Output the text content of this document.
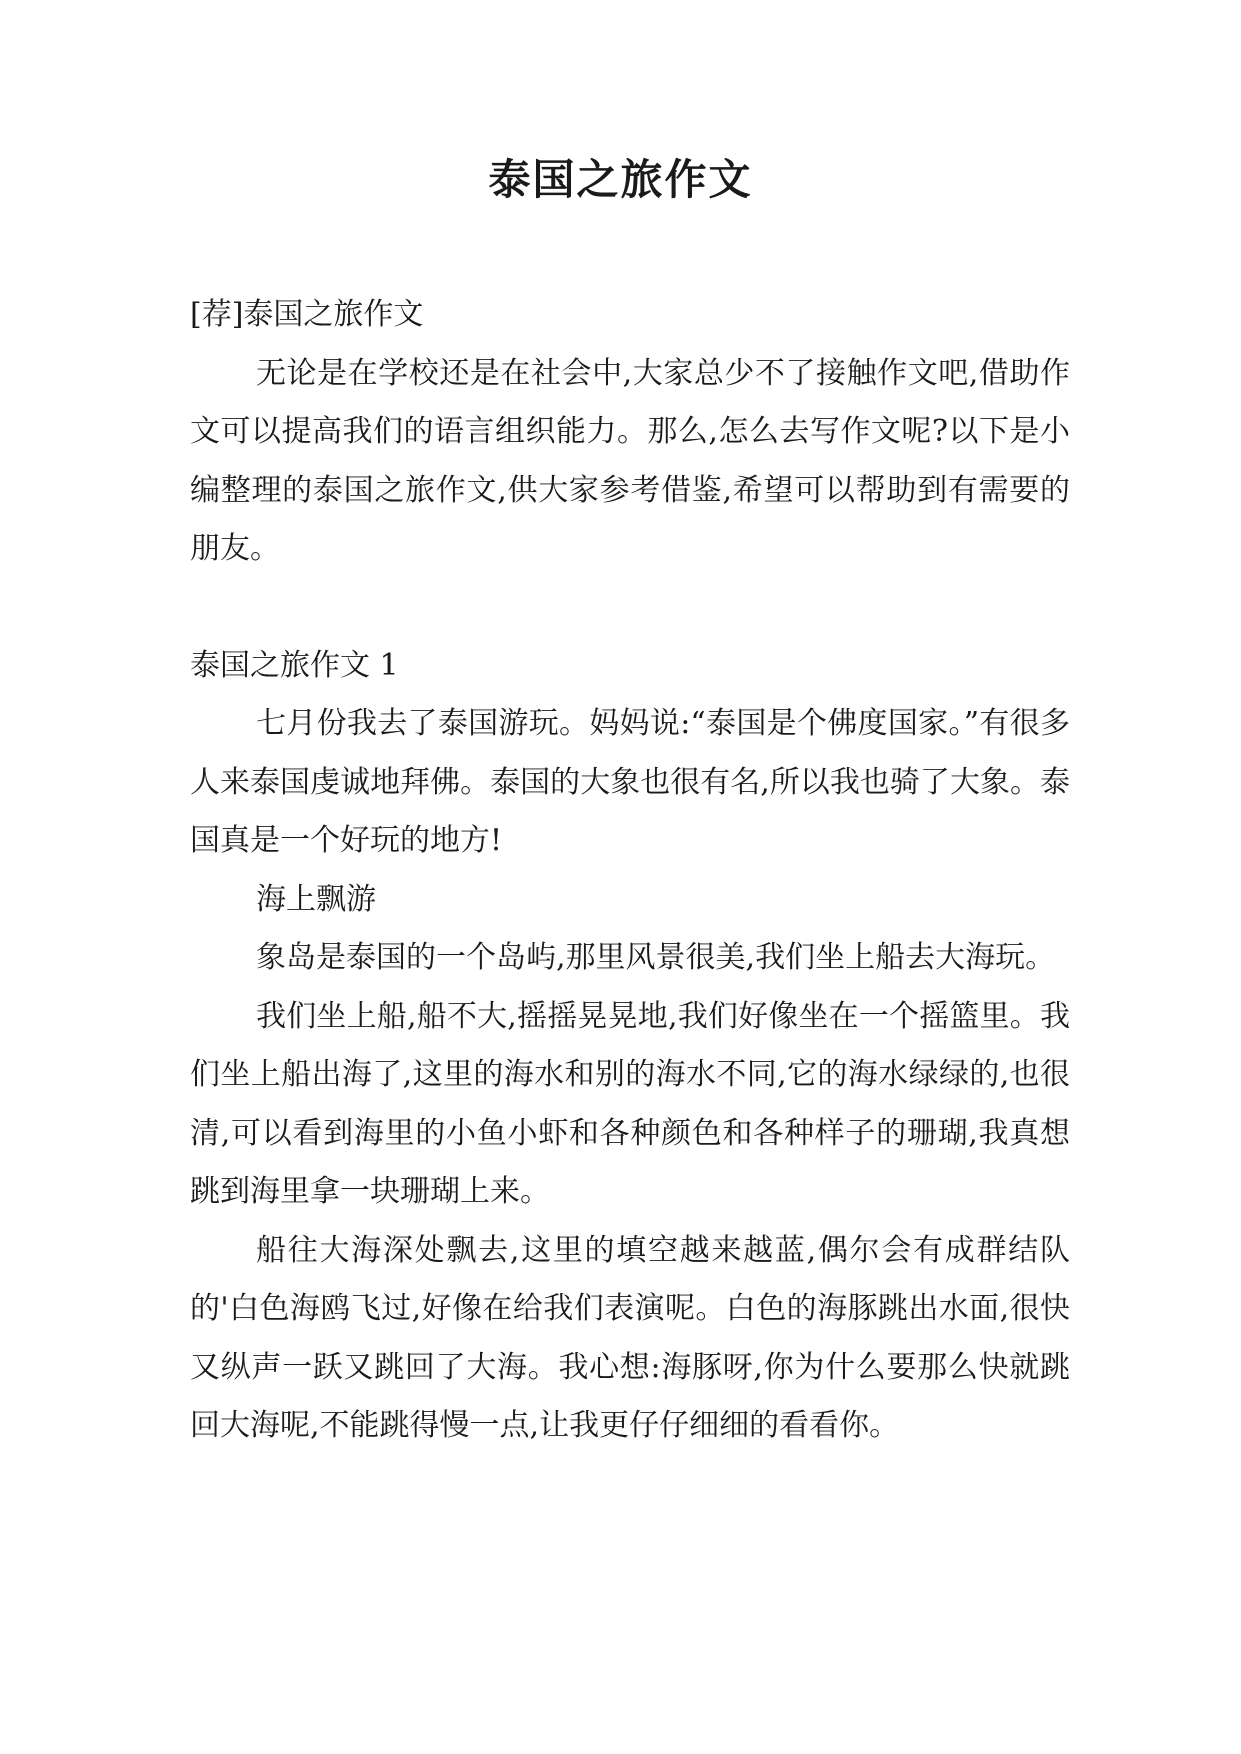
泰国之旅作文

[荐]泰国之旅作文

无论是在学校还是在社会中,大家总少不了接触作文吧,借助作文可以提高我们的语言组织能力。那么,怎么去写作文呢?以下是小编整理的泰国之旅作文,供大家参考借鉴,希望可以帮助到有需要的朋友。

泰国之旅作文 1

七月份我去了泰国游玩。妈妈说:“泰国是个佛度国家。”有很多人来泰国虔诚地拜佛。泰国的大象也很有名,所以我也骑了大象。泰国真是一个好玩的地方!

海上飘游

象岛是泰国的一个岛屿,那里风景很美,我们坐上船去大海玩。

我们坐上船,船不大,摇摇晃晃地,我们好像坐在一个摇篮里。我们坐上船出海了,这里的海水和别的海水不同,它的海水绿绿的,也很清,可以看到海里的小鱼小虾和各种颜色和各种样子的珊瑚,我真想跳到海里拿一块珊瑚上来。

船往大海深处飘去,这里的填空越来越蓝,偶尔会有成群结队的'白色海鸥飞过,好像在给我们表演呢。白色的海豚跳出水面,很快又纵声一跃又跳回了大海。我心想:海豚呀,你为什么要那么快就跳回大海呢,不能跳得慢一点,让我更仔仔细细的看看你。
